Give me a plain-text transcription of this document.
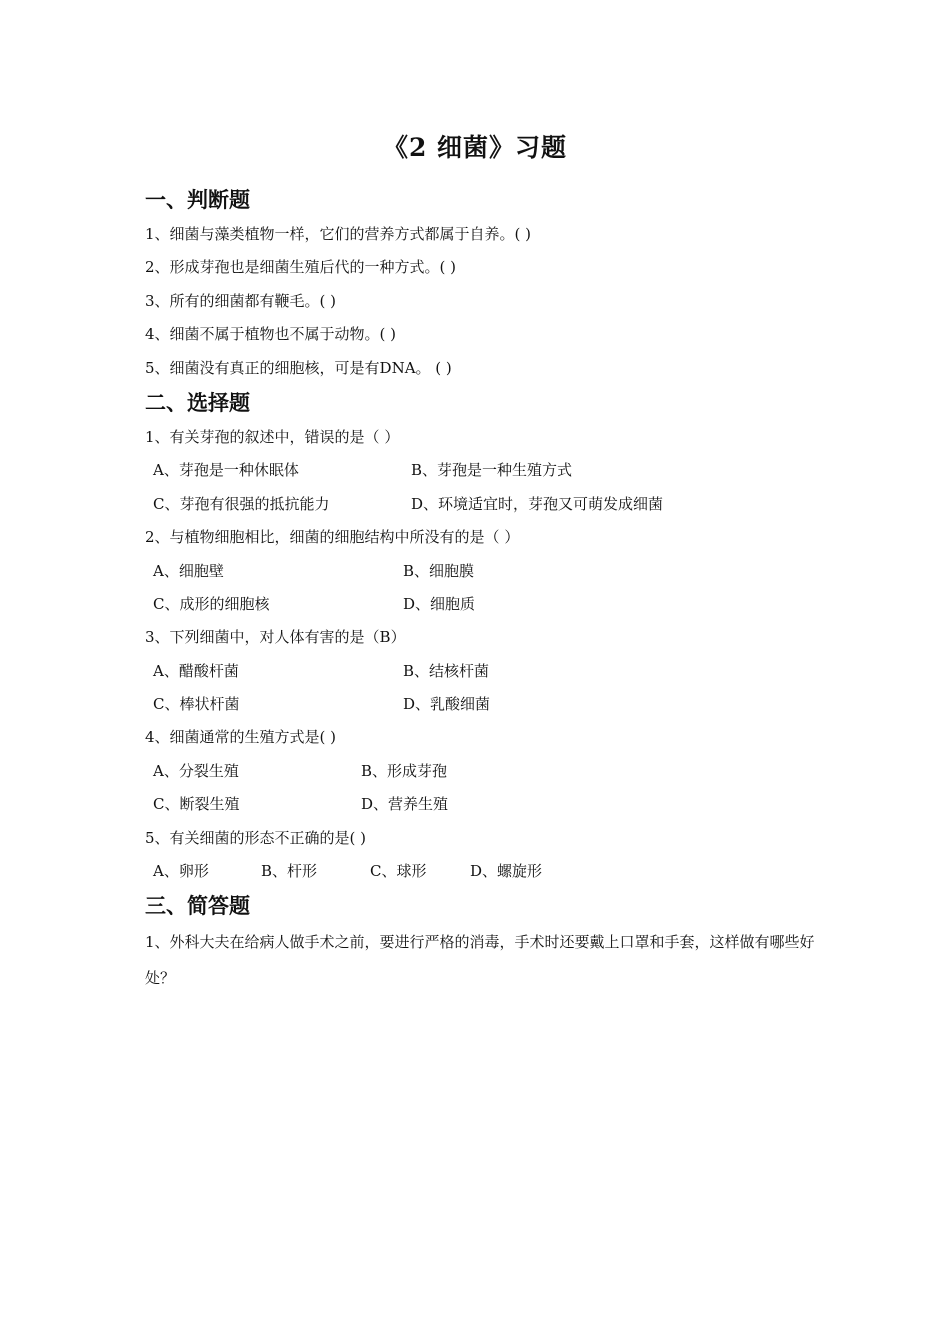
《2 细菌》习题
一、判断题
1、细菌与藻类植物一样，它们的营养方式都属于自养。( )
2、形成芽孢也是细菌生殖后代的一种方式。( )
3、所有的细菌都有鞭毛。( )
4、细菌不属于植物也不属于动物。( )
5、细菌没有真正的细胞核，可是有DNA。 ( )
二、选择题
1、有关芽孢的叙述中，错误的是（ ）
A、芽孢是一种休眠体	B、芽孢是一种生殖方式
C、芽孢有很强的抵抗能力	D、环境适宜时，芽孢又可萌发成细菌
2、与植物细胞相比，细菌的细胞结构中所没有的是（ ）
A、细胞壁	B、细胞膜
C、成形的细胞核	D、细胞质
3、下列细菌中，对人体有害的是（B）
A、醋酸杆菌	B、结核杆菌
C、棒状杆菌	D、乳酸细菌
4、细菌通常的生殖方式是( )
A、分裂生殖	B、形成芽孢
C、断裂生殖	D、营养生殖
5、有关细菌的形态不正确的是( )
A、卵形	B、杆形	C、球形	D、螺旋形
三、简答题

1、外科大夫在给病人做手术之前，要进行严格的消毒，手术时还要戴上口罩和手套，这样做有哪些好处？
